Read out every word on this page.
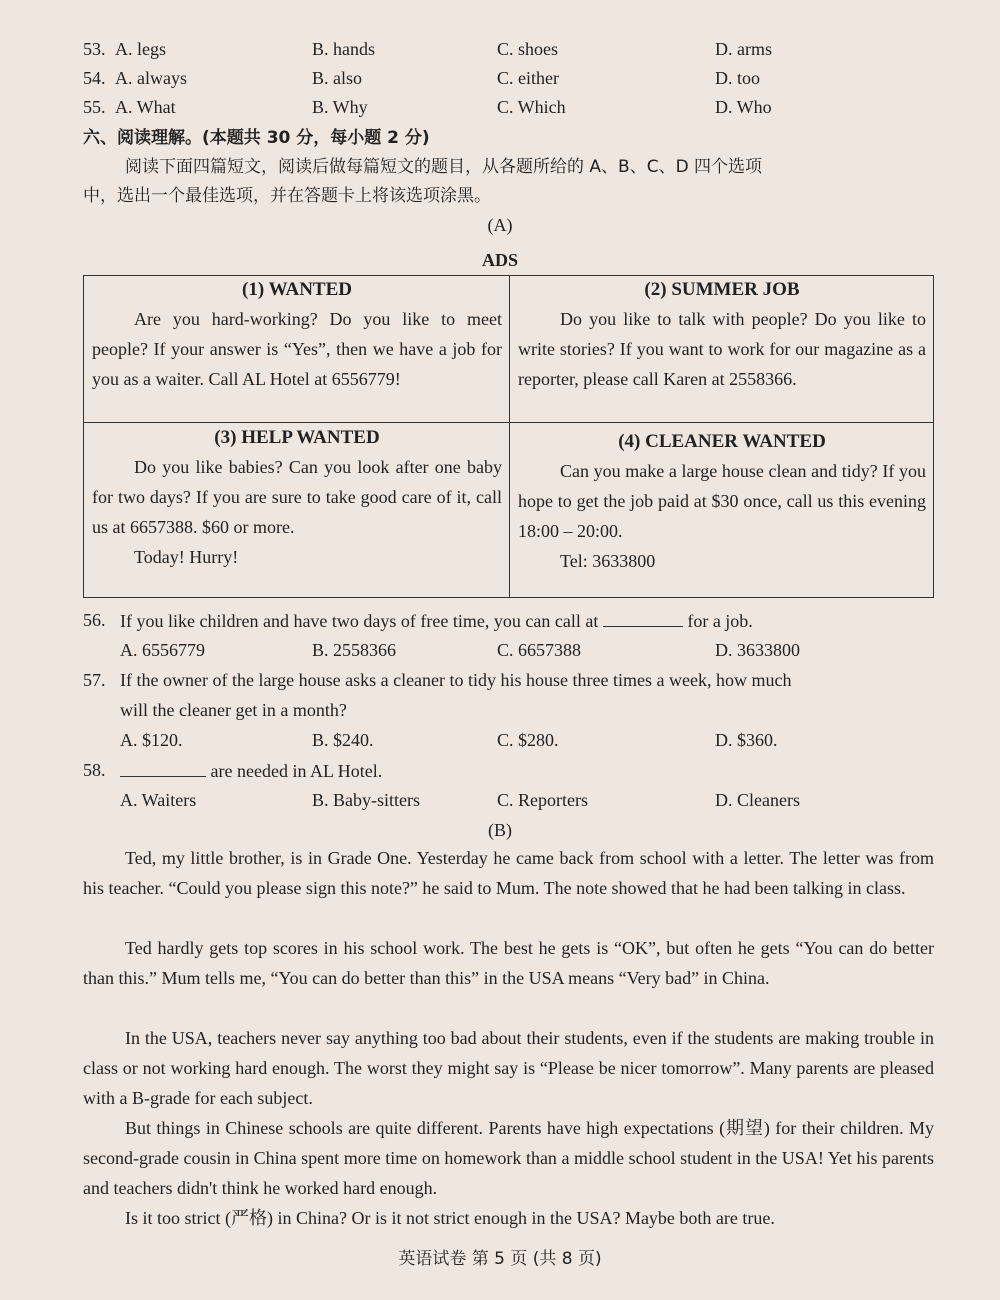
53. A. legs	B. hands	C. shoes	D. arms
54. A. always	B. also	C. either	D. too
55. A. What	B. Why	C. Which	D. Who
六、阅读理解。(本题共 30 分，每小题 2 分)
阅读下面四篇短文，阅读后做每篇短文的题目，从各题所给的 A、B、C、D 四个选项
中，选出一个最佳选项，并在答题卡上将该选项涂黑。
(A)
ADS
(1) WANTED
Are you hard-working? Do you like to meet people? If your answer is “Yes”, then we have a job for you as a waiter. Call AL Hotel at 6556779!
(2) SUMMER JOB
Do you like to talk with people? Do you like to write stories? If you want to work for our magazine as a reporter, please call Karen at 2558366.
(3) HELP WANTED
Do you like babies? Can you look after one baby for two days? If you are sure to take good care of it, call us at 6657388. $60 or more.
Today! Hurry!
(4) CLEANER WANTED
Can you make a large house clean and tidy? If you hope to get the job paid at $30 once, call us this evening 18:00 – 20:00.
Tel: 3633800
56. If you like children and have two days of free time, you can call at	for a job.
A. 6556779	B. 2558366	C. 6657388	D. 3633800
57. If the owner of the large house asks a cleaner to tidy his house three times a week, how much
will the cleaner get in a month?
A. $120.	B. $240.	C. $280.	D. $360.
58.	are needed in AL Hotel.
A. Waiters	B. Baby-sitters	C. Reporters	D. Cleaners
(B)
Ted, my little brother, is in Grade One. Yesterday he came back from school with a letter. The letter was from his teacher. “Could you please sign this note?” he said to Mum. The note showed that he had been talking in class.
Ted hardly gets top scores in his school work. The best he gets is “OK”, but often he gets “You can do better than this.” Mum tells me, “You can do better than this” in the USA means “Very bad” in China.
In the USA, teachers never say anything too bad about their students, even if the students are making trouble in class or not working hard enough. The worst they might say is “Please be nicer tomorrow”. Many parents are pleased with a B-grade for each subject.
But things in Chinese schools are quite different. Parents have high expectations (期望) for their children. My second-grade cousin in China spent more time on homework than a middle school student in the USA! Yet his parents and teachers didn't think he worked hard enough.
Is it too strict (严格) in China? Or is it not strict enough in the USA? Maybe both are true.
英语试卷 第 5 页 (共 8 页)
